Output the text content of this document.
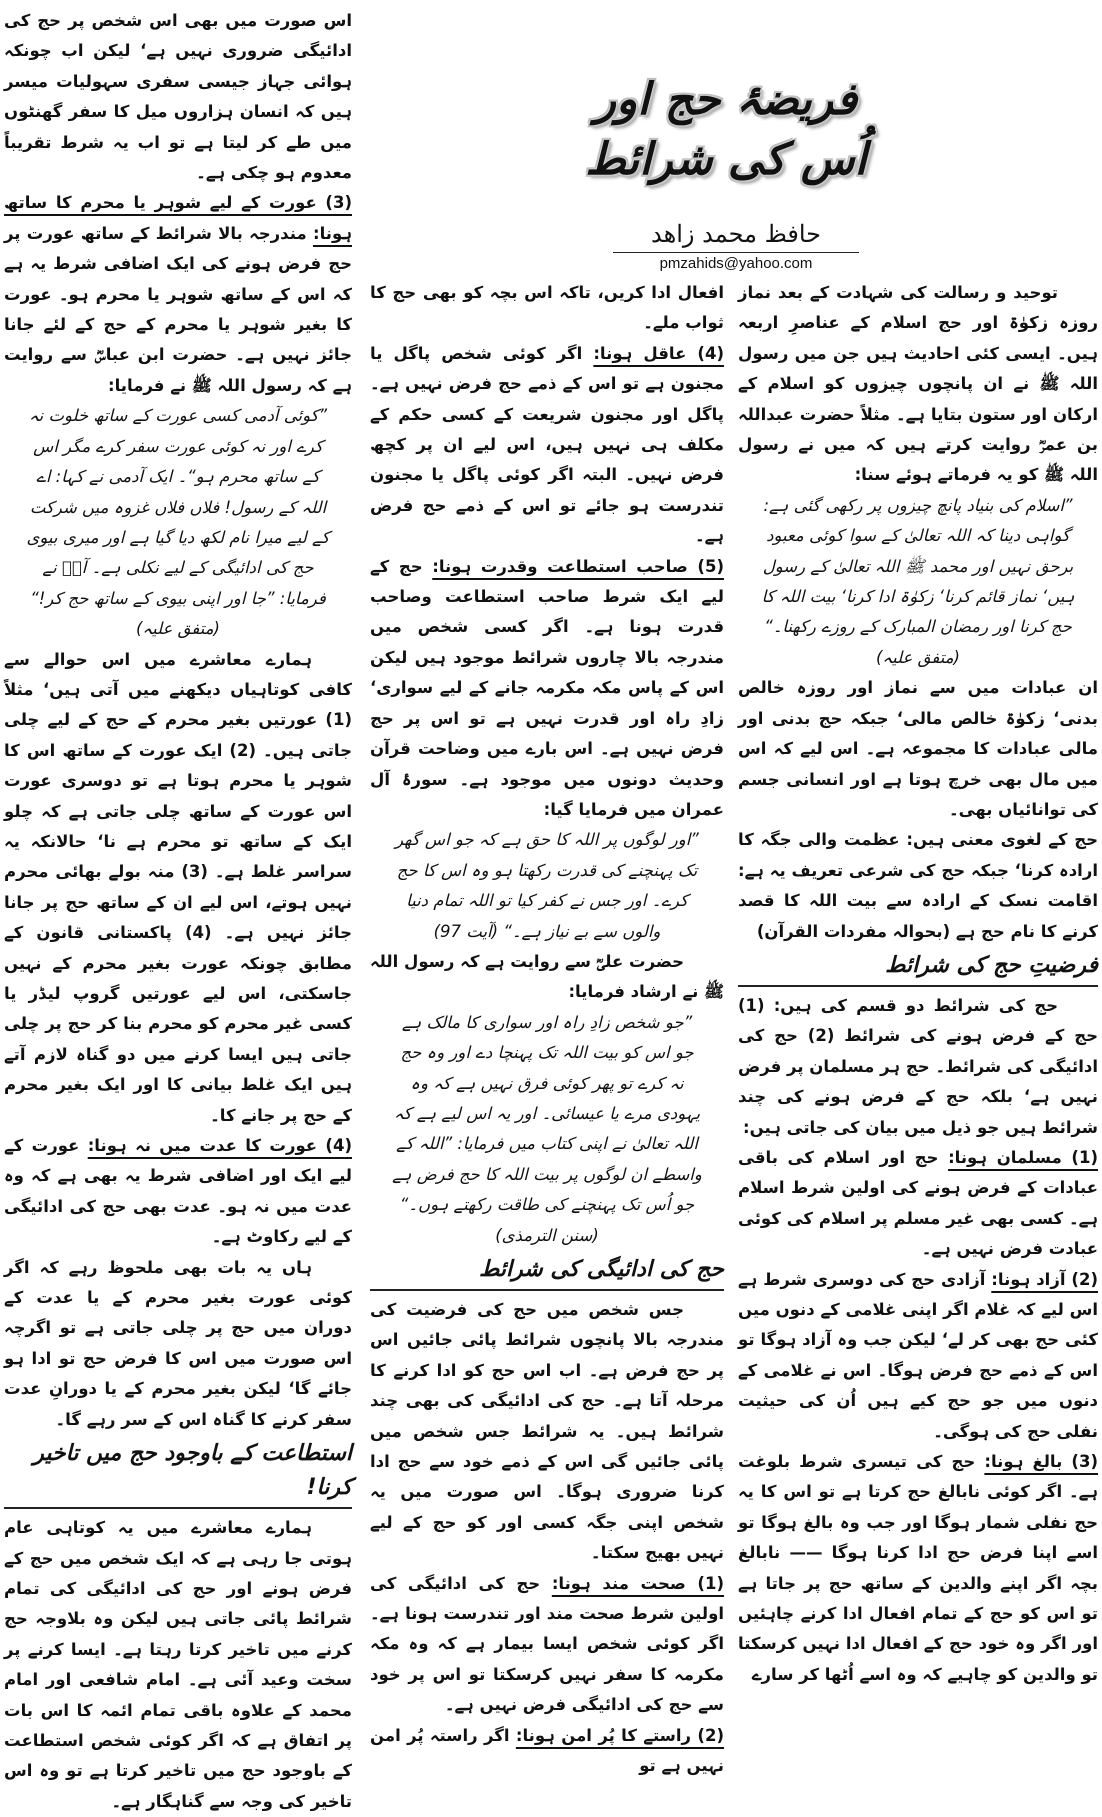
فریضۂ حج اور اُس کی شرائط
حافظ محمد زاھد
pmzahids@yahoo.com

توحید و رسالت کی شہادت کے بعد نماز روزہ زکوٰۃ اور حج اسلام کے عناصرِ اربعہ ہیں۔ ایسی کئی احادیث ہیں جن میں رسول اللہ ﷺ نے ان پانچوں چیزوں کو اسلام کے ارکان اور ستون بتایا ہے۔ مثلاً حضرت عبداللہ بن عمرؓ روایت کرتے ہیں کہ میں نے رسول اللہ ﷺ کو یہ فرماتے ہوئے سنا:

”اسلام کی بنیاد پانچ چیزوں پر رکھی گئی ہے: گواہی دینا کہ اللہ تعالیٰ کے سوا کوئی معبود برحق نہیں اور محمد ﷺ اللہ تعالیٰ کے رسول ہیں‘ نماز قائم کرنا‘ زکوٰۃ ادا کرنا‘ بیت اللہ کا حج کرنا اور رمضان المبارک کے روزے رکھنا۔“ (متفق علیہ)

ان عبادات میں سے نماز اور روزہ خالص بدنی‘ زکوٰۃ خالص مالی‘ جبکہ حج بدنی اور مالی عبادات کا مجموعہ ہے۔ اس لیے کہ اس میں مال بھی خرچ ہوتا ہے اور انسانی جسم کی توانائیاں بھی۔

حج کے لغوی معنی ہیں: عظمت والی جگہ کا ارادہ کرنا‘ جبکہ حج کی شرعی تعریف یہ ہے: اقامت نسک کے ارادہ سے بیت اللہ کا قصد کرنے کا نام حج ہے (بحوالہ مفردات القرآن)

فرضیتِ حج کی شرائط

حج کی شرائط دو قسم کی ہیں: (1) حج کے فرض ہونے کی شرائط (2) حج کی ادائیگی کی شرائط۔ حج ہر مسلمان پر فرض نہیں ہے‘ بلکہ حج کے فرض ہونے کی چند شرائط ہیں جو ذیل میں بیان کی جاتی ہیں:

(1) مسلمان ہونا: حج اور اسلام کی باقی عبادات کے فرض ہونے کی اولین شرط اسلام ہے۔ کسی بھی غیر مسلم پر اسلام کی کوئی عبادت فرض نہیں ہے۔

(2) آزاد ہونا: آزادی حج کی دوسری شرط ہے اس لیے کہ غلام اگر اپنی غلامی کے دنوں میں کئی حج بھی کر لے‘ لیکن جب وہ آزاد ہوگا تو اس کے ذمے حج فرض ہوگا۔ اس نے غلامی کے دنوں میں جو حج کیے ہیں اُن کی حیثیت نفلی حج کی ہوگی۔

(3) بالغ ہونا: حج کی تیسری شرط بلوغت ہے۔ اگر کوئی نابالغ حج کرتا ہے تو اس کا یہ حج نفلی شمار ہوگا اور جب وہ بالغ ہوگا تو اسے اپنا فرض حج ادا کرنا ہوگا —— نابالغ بچہ اگر اپنے والدین کے ساتھ حج پر جاتا ہے تو اس کو حج کے تمام افعال ادا کرنے چاہئیں اور اگر وہ خود حج کے افعال ادا نہیں کرسکتا تو والدین کو چاہیے کہ وہ اسے اُٹھا کر سارے

افعال ادا کریں، تاکہ اس بچہ کو بھی حج کا ثواب ملے۔

(4) عاقل ہونا: اگر کوئی شخص پاگل یا مجنون ہے تو اس کے ذمے حج فرض نہیں ہے۔ پاگل اور مجنون شریعت کے کسی حکم کے مکلف ہی نہیں ہیں، اس لیے ان پر کچھ فرض نہیں۔ البتہ اگر کوئی پاگل یا مجنون تندرست ہو جائے تو اس کے ذمے حج فرض ہے۔

(5) صاحب استطاعت وقدرت ہونا: حج کے لیے ایک شرط صاحب استطاعت وصاحب قدرت ہونا ہے۔ اگر کسی شخص میں مندرجہ بالا چاروں شرائط موجود ہیں لیکن اس کے پاس مکہ مکرمہ جانے کے لیے سواری‘ زادِ راہ اور قدرت نہیں ہے تو اس پر حج فرض نہیں ہے۔ اس بارے میں وضاحت قرآن وحدیث دونوں میں موجود ہے۔ سورۂ آل عمران میں فرمایا گیا:

”اور لوگوں پر اللہ کا حق ہے کہ جو اس گھر تک پہنچنے کی قدرت رکھتا ہو وہ اس کا حج کرے۔ اور جس نے کفر کیا تو اللہ تمام دنیا والوں سے بے نیاز ہے۔“ (آیت 97)

حضرت علیؓ سے روایت ہے کہ رسول اللہ ﷺ نے ارشاد فرمایا:

”جو شخص زادِ راہ اور سواری کا مالک ہے جو اس کو بیت اللہ تک پہنچا دے اور وہ حج نہ کرے تو پھر کوئی فرق نہیں ہے کہ وہ یہودی مرے یا عیسائی۔ اور یہ اس لیے ہے کہ اللہ تعالیٰ نے اپنی کتاب میں فرمایا: ”اللہ کے واسطے ان لوگوں پر بیت اللہ کا حج فرض ہے جو اُس تک پہنچنے کی طاقت رکھتے ہوں۔“ (سنن الترمذی)

حج کی ادائیگی کی شرائط

جس شخص میں حج کی فرضیت کی مندرجہ بالا پانچوں شرائط پائی جائیں اس پر حج فرض ہے۔ اب اس حج کو ادا کرنے کا مرحلہ آتا ہے۔ حج کی ادائیگی کی بھی چند شرائط ہیں۔ یہ شرائط جس شخص میں پائی جائیں گی اس کے ذمے خود سے حج ادا کرنا ضروری ہوگا۔ اس صورت میں یہ شخص اپنی جگہ کسی اور کو حج کے لیے نہیں بھیج سکتا۔

(1) صحت مند ہونا: حج کی ادائیگی کی اولین شرط صحت مند اور تندرست ہونا ہے۔ اگر کوئی شخص ایسا بیمار ہے کہ وہ مکہ مکرمہ کا سفر نہیں کرسکتا تو اس پر خود سے حج کی ادائیگی فرض نہیں ہے۔

(2) راستے کا پُر امن ہونا: اگر راستہ پُر امن نہیں ہے تو

اس صورت میں بھی اس شخص پر حج کی ادائیگی ضروری نہیں ہے‘ لیکن اب چونکہ ہوائی جہاز جیسی سفری سہولیات میسر ہیں کہ انسان ہزاروں میل کا سفر گھنٹوں میں طے کر لیتا ہے تو اب یہ شرط تقریباً معدوم ہو چکی ہے۔

(3) عورت کے لیے شوہر یا محرم کا ساتھ ہونا: مندرجہ بالا شرائط کے ساتھ عورت پر حج فرض ہونے کی ایک اضافی شرط یہ ہے کہ اس کے ساتھ شوہر یا محرم ہو۔ عورت کا بغیر شوہر یا محرم کے حج کے لئے جانا جائز نہیں ہے۔ حضرت ابن عباسؓ سے روایت ہے کہ رسول اللہ ﷺ نے فرمایا:

”کوئی آدمی کسی عورت کے ساتھ خلوت نہ کرے اور نہ کوئی عورت سفر کرے مگر اس کے ساتھ محرم ہو“۔ ایک آدمی نے کہا: اے اللہ کے رسول! فلاں فلاں غزوہ میں شرکت کے لیے میرا نام لکھ دیا گیا ہے اور میری بیوی حج کی ادائیگی کے لیے نکلی ہے۔ آپؐ نے فرمایا: ”جا اور اپنی بیوی کے ساتھ حج کر!“ (متفق علیہ)

ہمارے معاشرے میں اس حوالے سے کافی کوتاہیاں دیکھنے میں آتی ہیں‘ مثلاً (1) عورتیں بغیر محرم کے حج کے لیے چلی جاتی ہیں۔ (2) ایک عورت کے ساتھ اس کا شوہر یا محرم ہوتا ہے تو دوسری عورت اس عورت کے ساتھ چلی جاتی ہے کہ چلو ایک کے ساتھ تو محرم ہے نا‘ حالانکہ یہ سراسر غلط ہے۔ (3) منہ بولے بھائی محرم نہیں ہوتے، اس لیے ان کے ساتھ حج پر جانا جائز نہیں ہے۔ (4) پاکستانی قانون کے مطابق چونکہ عورت بغیر محرم کے نہیں جاسکتی، اس لیے عورتیں گروپ لیڈر یا کسی غیر محرم کو محرم بنا کر حج پر چلی جاتی ہیں ایسا کرنے میں دو گناہ لازم آتے ہیں ایک غلط بیانی کا اور ایک بغیر محرم کے حج پر جانے کا۔

(4) عورت کا عدت میں نہ ہونا: عورت کے لیے ایک اور اضافی شرط یہ بھی ہے کہ وہ عدت میں نہ ہو۔ عدت بھی حج کی ادائیگی کے لیے رکاوٹ ہے۔

ہاں یہ بات بھی ملحوظ رہے کہ اگر کوئی عورت بغیر محرم کے یا عدت کے دوران میں حج پر چلی جاتی ہے تو اگرچہ اس صورت میں اس کا فرض حج تو ادا ہو جائے گا‘ لیکن بغیر محرم کے یا دورانِ عدت سفر کرنے کا گناہ اس کے سر رہے گا۔

استطاعت کے باوجود حج میں تاخیر کرنا!

ہمارے معاشرے میں یہ کوتاہی عام ہوتی جا رہی ہے کہ ایک شخص میں حج کے فرض ہونے اور حج کی ادائیگی کی تمام شرائط پائی جاتی ہیں لیکن وہ بلاوجہ حج کرنے میں تاخیر کرتا رہتا ہے۔ ایسا کرنے پر سخت وعید آئی ہے۔ امام شافعی اور امام محمد کے علاوہ باقی تمام ائمہ کا اس بات پر اتفاق ہے کہ اگر کوئی شخص استطاعت کے باوجود حج میں تاخیر کرتا ہے تو وہ اس تاخیر کی وجہ سے گناہگار ہے۔
